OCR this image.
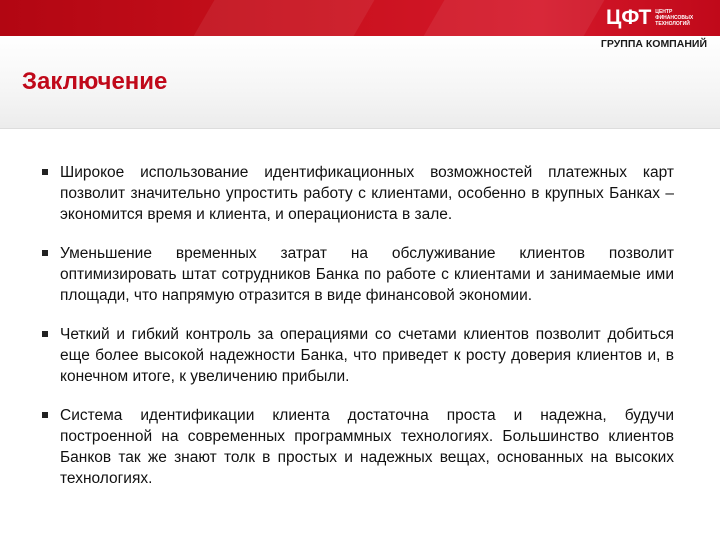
ЦФТ ЦЕНТР
ФИНАНСОВЫХ
ТЕХНОЛОГИЙ
ГРУППА КОМПАНИЙ
Заключение
Широкое использование идентификационных возможностей платежных карт позволит значительно упростить работу с клиентами, особенно в крупных Банках – экономится время и клиента, и операциониста в зале.
Уменьшение временных затрат на обслуживание клиентов позволит оптимизировать штат сотрудников Банка по работе с клиентами и занимаемые ими площади, что напрямую отразится в виде финансовой экономии.
Четкий и гибкий контроль за операциями со счетами клиентов позволит добиться еще более высокой надежности Банка, что приведет к росту доверия клиентов и, в конечном итоге, к увеличению прибыли.
Система идентификации клиента достаточна проста и надежна, будучи построенной на современных программных технологиях. Большинство клиентов Банков так же знают толк в простых и надежных вещах, основанных на высоких технологиях.
